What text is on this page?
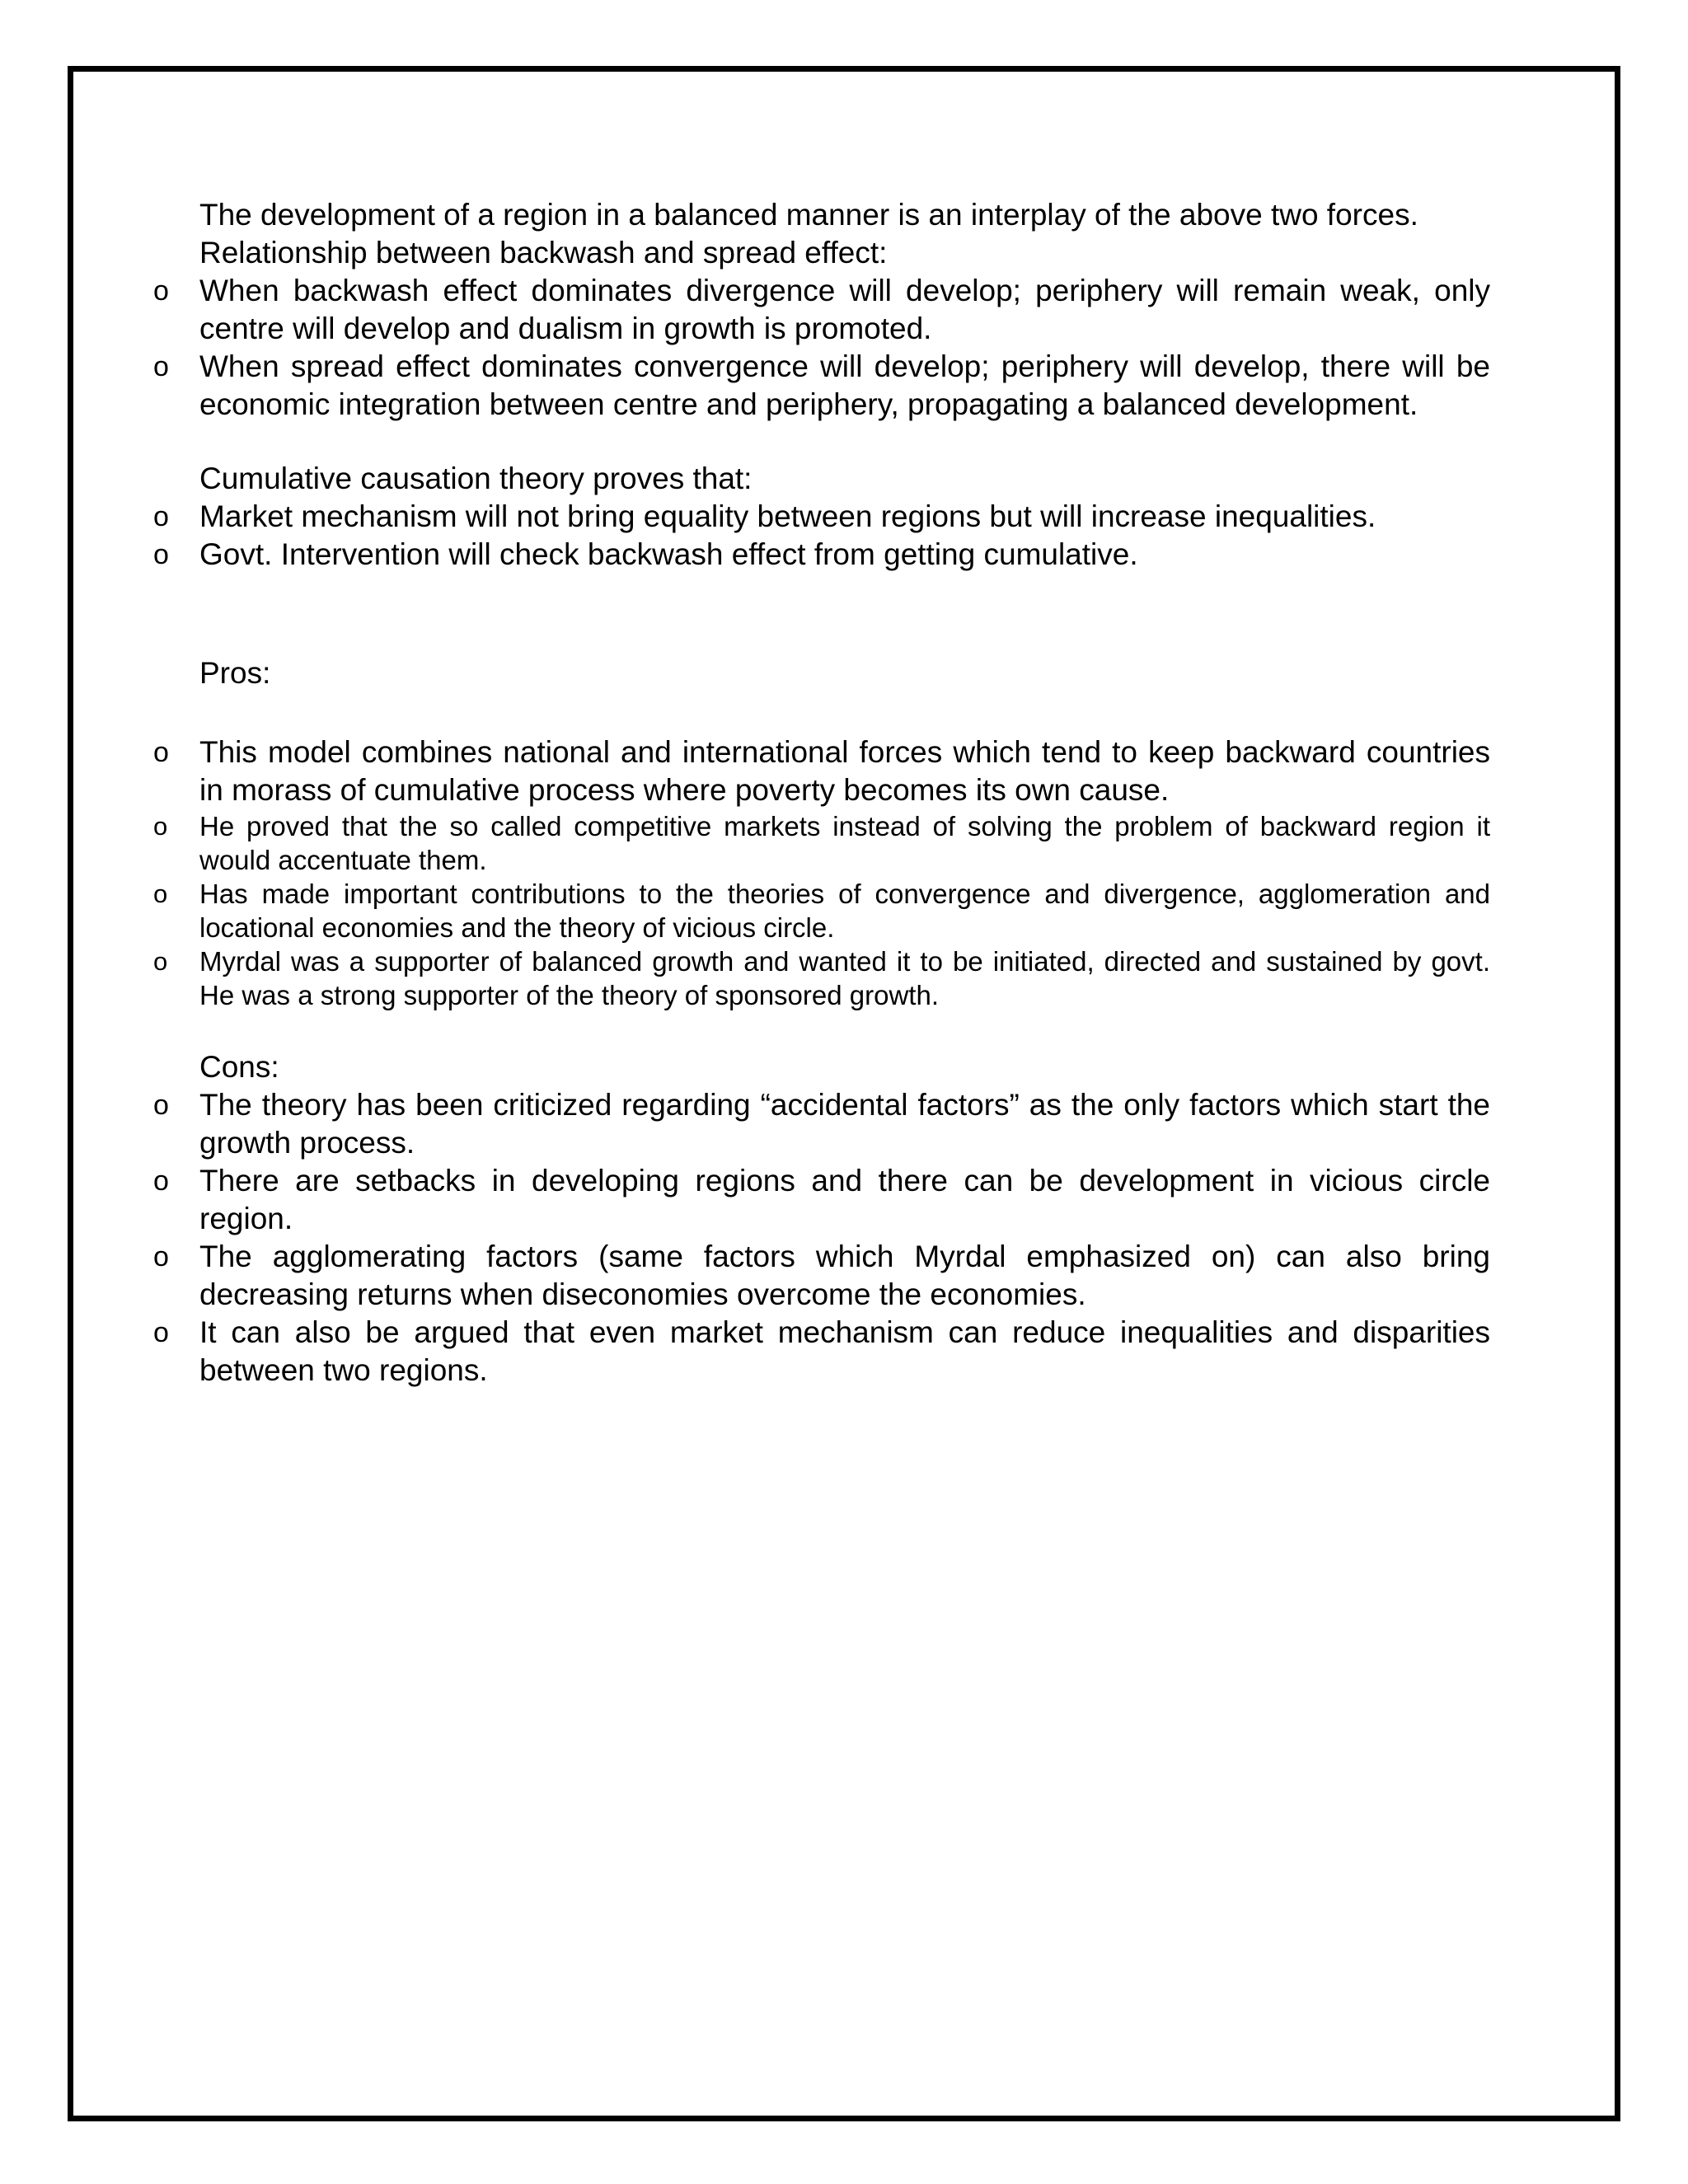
The development of a region in a balanced manner is an interplay of the above two forces.

Relationship between backwash and spread effect:

o When backwash effect dominates divergence will develop; periphery will remain weak, only centre will develop and dualism in growth is promoted.
o When spread effect dominates convergence will develop; periphery will develop, there will be economic integration between centre and periphery, propagating a balanced development.

Cumulative causation theory proves that:

o Market mechanism will not bring equality between regions but will increase inequalities.
o Govt. Intervention will check backwash effect from getting cumulative.

Pros:

o This model combines national and international forces which tend to keep backward countries in morass of cumulative process where poverty becomes its own cause.
o He proved that the so called competitive markets instead of solving the problem of backward region it would accentuate them.
o Has made important contributions to the theories of convergence and divergence, agglomeration and locational economies and the theory of vicious circle.
o Myrdal was a supporter of balanced growth and wanted it to be initiated, directed and sustained by govt. He was a strong supporter of the theory of sponsored growth.

Cons:

o The theory has been criticized regarding “accidental factors” as the only factors which start the growth process.
o There are setbacks in developing regions and there can be development in vicious circle region.
o The agglomerating factors (same factors which Myrdal emphasized on) can also bring decreasing returns when diseconomies overcome the economies.
o It can also be argued that even market mechanism can reduce inequalities and disparities between two regions.
